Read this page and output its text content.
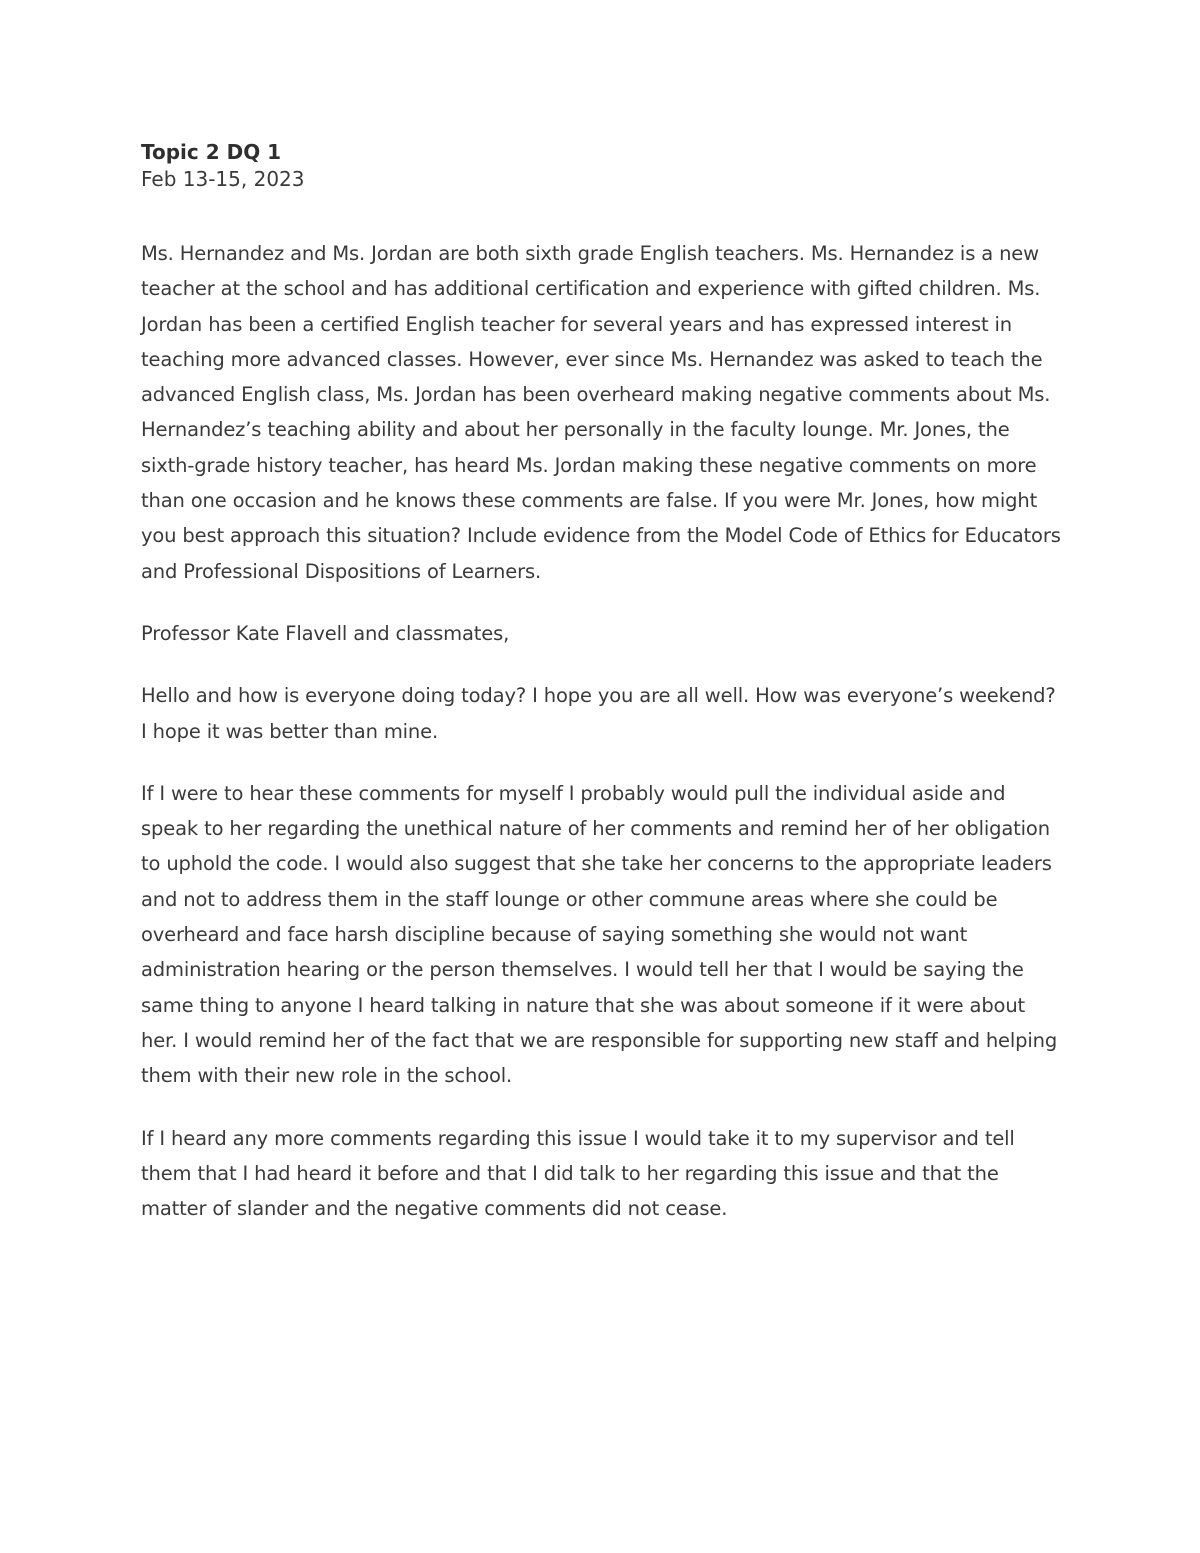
Topic 2 DQ 1

Feb 13-15, 2023

Ms. Hernandez and Ms. Jordan are both sixth grade English teachers. Ms. Hernandez is a new teacher at the school and has additional certification and experience with gifted children. Ms. Jordan has been a certified English teacher for several years and has expressed interest in teaching more advanced classes. However, ever since Ms. Hernandez was asked to teach the advanced English class, Ms. Jordan has been overheard making negative comments about Ms. Hernandez’s teaching ability and about her personally in the faculty lounge. Mr. Jones, the sixth-grade history teacher, has heard Ms. Jordan making these negative comments on more than one occasion and he knows these comments are false. If you were Mr. Jones, how might you best approach this situation? Include evidence from the Model Code of Ethics for Educators and Professional Dispositions of Learners.

Professor Kate Flavell and classmates,

Hello and how is everyone doing today? I hope you are all well. How was everyone’s weekend? I hope it was better than mine.

If I were to hear these comments for myself I probably would pull the individual aside and speak to her regarding the unethical nature of her comments and remind her of her obligation to uphold the code. I would also suggest that she take her concerns to the appropriate leaders and not to address them in the staff lounge or other commune areas where she could be overheard and face harsh discipline because of saying something she would not want administration hearing or the person themselves. I would tell her that I would be saying the same thing to anyone I heard talking in nature that she was about someone if it were about her. I would remind her of the fact that we are responsible for supporting new staff and helping them with their new role in the school.

If I heard any more comments regarding this issue I would take it to my supervisor and tell them that I had heard it before and that I did talk to her regarding this issue and that the matter of slander and the negative comments did not cease.
